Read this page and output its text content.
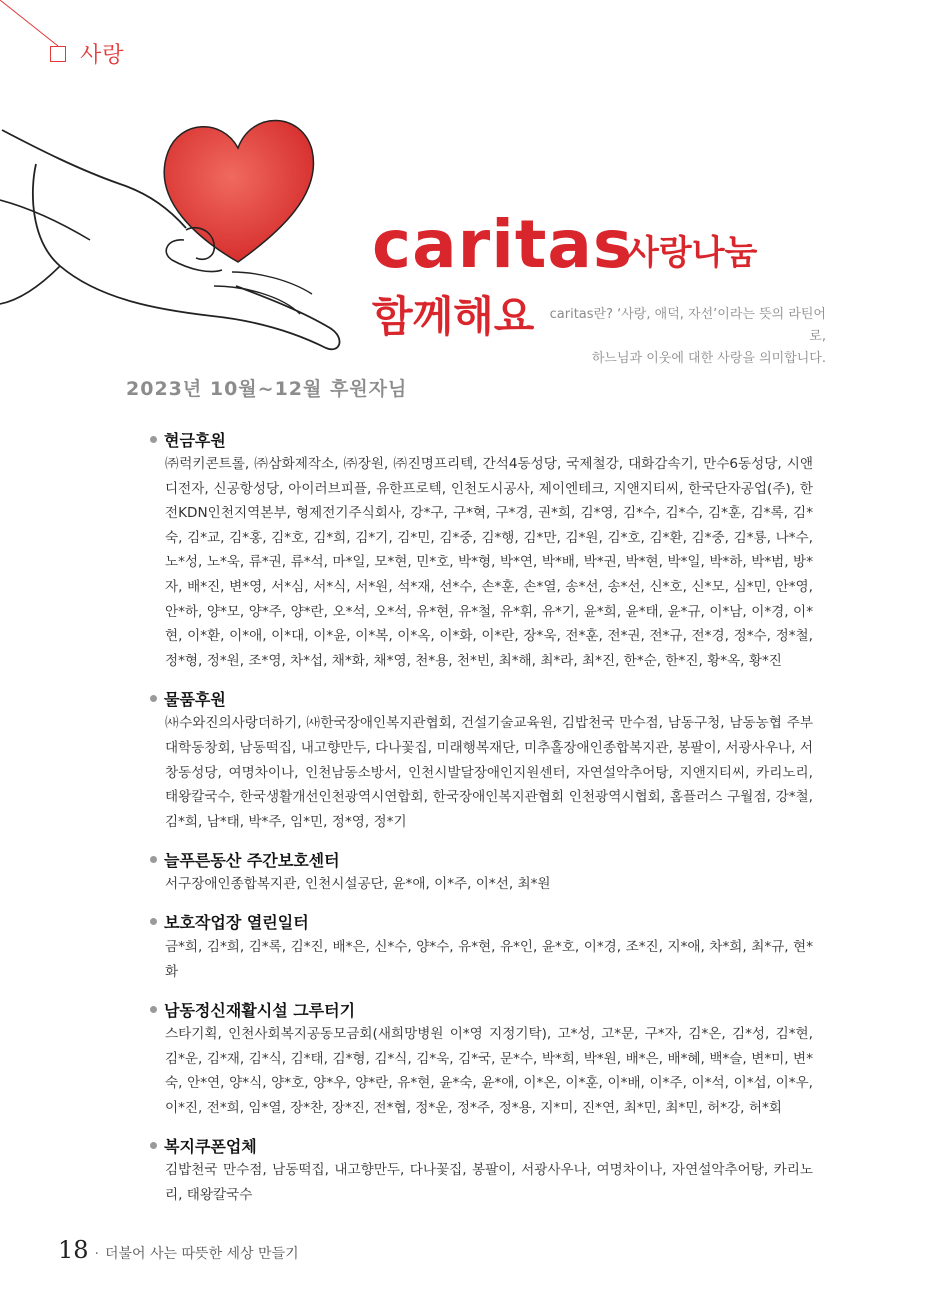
사랑
caritas
사랑나눔
함께해요	caritas란? ‘사랑, 애덕, 자선’이라는 뜻의 라틴어로,
하느님과 이웃에 대한 사랑을 의미합니다.
2023년 10월~12월 후원자님
현금후원
㈜럭키콘트롤, ㈜삼화제작소, ㈜장원, ㈜진명프리텍, 간석4동성당, 국제철강, 대화감속기, 만수6동성당, 시앤디전자, 신공항성당, 아이러브피플, 유한프로텍, 인천도시공사, 제이엔테크, 지앤지티씨, 한국단자공업(주), 한전KDN인천지역본부, 형제전기주식회사, 강*구, 구*혁, 구*경, 권*희, 김*영, 김*수, 김*수, 김*훈, 김*록, 김*숙, 김*교, 김*홍, 김*호, 김*희, 김*기, 김*민, 김*중, 김*행, 김*만, 김*원, 김*호, 김*환, 김*중, 김*룡, 나*수, 노*성, 노*욱, 류*권, 류*석, 마*일, 모*현, 민*호, 박*형, 박*연, 박*배, 박*권, 박*현, 박*일, 박*하, 박*범, 방*자, 배*진, 변*영, 서*심, 서*식, 서*원, 석*재, 선*수, 손*훈, 손*열, 송*선, 송*선, 신*호, 신*모, 심*민, 안*영, 안*하, 양*모, 양*주, 양*란, 오*석, 오*석, 유*현, 유*철, 유*휘, 유*기, 윤*희, 윤*태, 윤*규, 이*남, 이*경, 이*현, 이*환, 이*애, 이*대, 이*윤, 이*복, 이*옥, 이*화, 이*란, 장*욱, 전*훈, 전*권, 전*규, 전*경, 정*수, 정*철, 정*형, 정*원, 조*영, 차*섭, 채*화, 채*영, 천*용, 천*빈, 최*해, 최*라, 최*진, 한*순, 한*진, 황*옥, 황*진
물품후원
㈔수와진의사랑더하기, ㈔한국장애인복지관협회, 건설기술교육원, 김밥천국 만수점, 남동구청, 남동농협 주부대학동창회, 남동떡집, 내고향만두, 다나꽃집, 미래행복재단, 미추홀장애인종합복지관, 봉팔이, 서광사우나, 서창동성당, 여명차이나, 인천남동소방서, 인천시발달장애인지원센터, 자연설악추어탕, 지앤지티씨, 카리노리, 태왕칼국수, 한국생활개선인천광역시연합회, 한국장애인복지관협회 인천광역시협회, 홈플러스 구월점, 강*철, 김*희, 남*태, 박*주, 임*민, 정*영, 정*기
늘푸른동산 주간보호센터
서구장애인종합복지관, 인천시설공단, 윤*애, 이*주, 이*선, 최*원
보호작업장 열린일터
금*희, 김*희, 김*록, 김*진, 배*은, 신*수, 양*수, 유*현, 유*인, 윤*호, 이*경, 조*진, 지*애, 차*희, 최*규, 현*화
남동정신재활시설 그루터기
스타기획, 인천사회복지공동모금회(새희망병원 이*영 지정기탁), 고*성, 고*문, 구*자, 김*온, 김*성, 김*현, 김*운, 김*재, 김*식, 김*태, 김*형, 김*식, 김*욱, 김*국, 문*수, 박*희, 박*원, 배*은, 배*혜, 백*슬, 변*미, 변*숙, 안*연, 양*식, 양*호, 양*우, 양*란, 유*현, 윤*숙, 윤*애, 이*온, 이*훈, 이*배, 이*주, 이*석, 이*섭, 이*우, 이*진, 전*희, 임*열, 장*찬, 장*진, 전*협, 정*운, 정*주, 정*용, 지*미, 진*연, 최*민, 최*민, 허*강, 허*회
복지쿠폰업체
김밥천국 만수점, 남동떡집, 내고향만두, 다나꽃집, 봉팔이, 서광사우나, 여명차이나, 자연설악추어탕, 카리노리, 태왕칼국수
18 · 더불어 사는 따뜻한 세상 만들기
